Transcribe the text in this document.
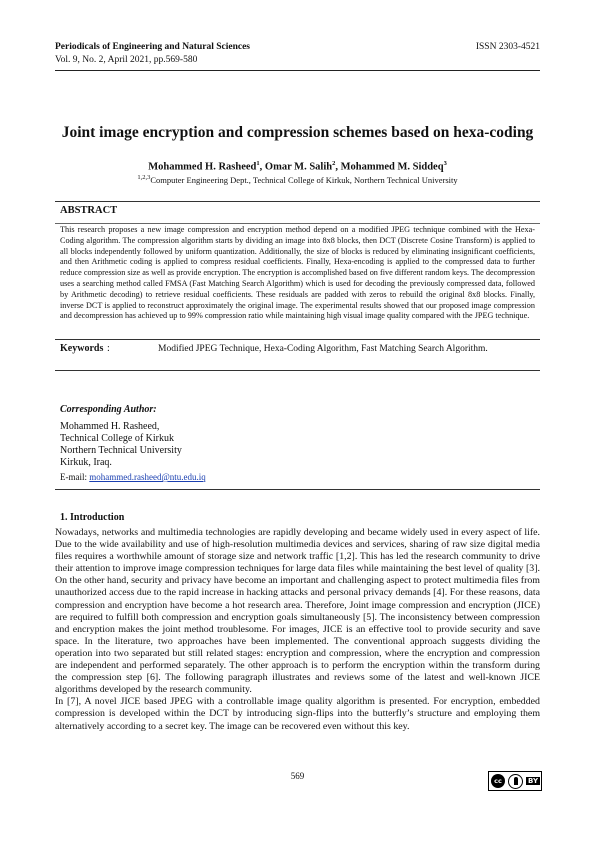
Periodicals of Engineering and Natural Sciences
Vol. 9, No. 2, April 2021, pp.569-580
ISSN 2303-4521
Joint image encryption and compression schemes based on hexa-coding
Mohammed H. Rasheed$^1$, Omar M. Salih$^2$, Mohammed M. Siddeq$^3$
$^{1,2,3}$Computer Engineering Dept., Technical College of Kirkuk, Northern Technical University
ABSTRACT
This research proposes a new image compression and encryption method depend on a modified JPEG technique combined with the Hexa-Coding algorithm. The compression algorithm starts by dividing an image into 8x8 blocks, then DCT (Discrete Cosine Transform) is applied to all blocks independently followed by uniform quantization. Additionally, the size of blocks is reduced by eliminating insignificant coefficients, and then Arithmetic coding is applied to compress residual coefficients. Finally, Hexa-encoding is applied to the compressed data to further reduce compression size as well as provide encryption. The encryption is accomplished based on five different random keys. The decompression uses a searching method called FMSA (Fast Matching Search Algorithm) which is used for decoding the previously compressed data, followed by Arithmetic decoding) to retrieve residual coefficients. These residuals are padded with zeros to rebuild the original 8x8 blocks. Finally, inverse DCT is applied to reconstruct approximately the original image. The experimental results showed that our proposed image compression and decompression has achieved up to 99% compression ratio while maintaining high visual image quality compared with the JPEG technique.
Keywords :	Modified JPEG Technique, Hexa-Coding Algorithm, Fast Matching Search Algorithm.
Corresponding Author:
Mohammed H. Rasheed,
Technical College of Kirkuk
Northern Technical University
Kirkuk, Iraq.
E-mail: mohammed.rasheed@ntu.edu.iq
1. Introduction

Nowadays, networks and multimedia technologies are rapidly developing and became widely used in every aspect of life. Due to the wide availability and use of high-resolution multimedia devices and services, sharing of raw size digital media files requires a worthwhile amount of storage size and network traffic [1,2]. This has led the research community to drive their attention to improve image compression techniques for large data files while maintaining the best level of quality [3]. On the other hand, security and privacy have become an important and challenging aspect to protect multimedia files from unauthorized access due to the rapid increase in hacking attacks and personal privacy demands [4]. For these reasons, data compression and encryption have become a hot research area. Therefore, Joint image compression and encryption (JICE) are required to fulfill both compression and encryption goals simultaneously [5]. The inconsistency between compression and encryption makes the joint method troublesome. For images, JICE is an effective tool to provide security and save space. In the literature, two approaches have been implemented. The conventional approach suggests dividing the operation into two separated but still related stages: encryption and compression, where the encryption and compression are independent and performed separately. The other approach is to perform the encryption within the transform during the compression step [6]. The following paragraph illustrates and reviews some of the latest and well-known JICE algorithms developed by the research community.

In [7], A novel JICE based JPEG with a controllable image quality algorithm is presented. For encryption, embedded compression is developed within the DCT by introducing sign-flips into the butterfly’s structure and employing them alternatively according to a secret key. The image can be recovered even without this key.

569	cc	BY
